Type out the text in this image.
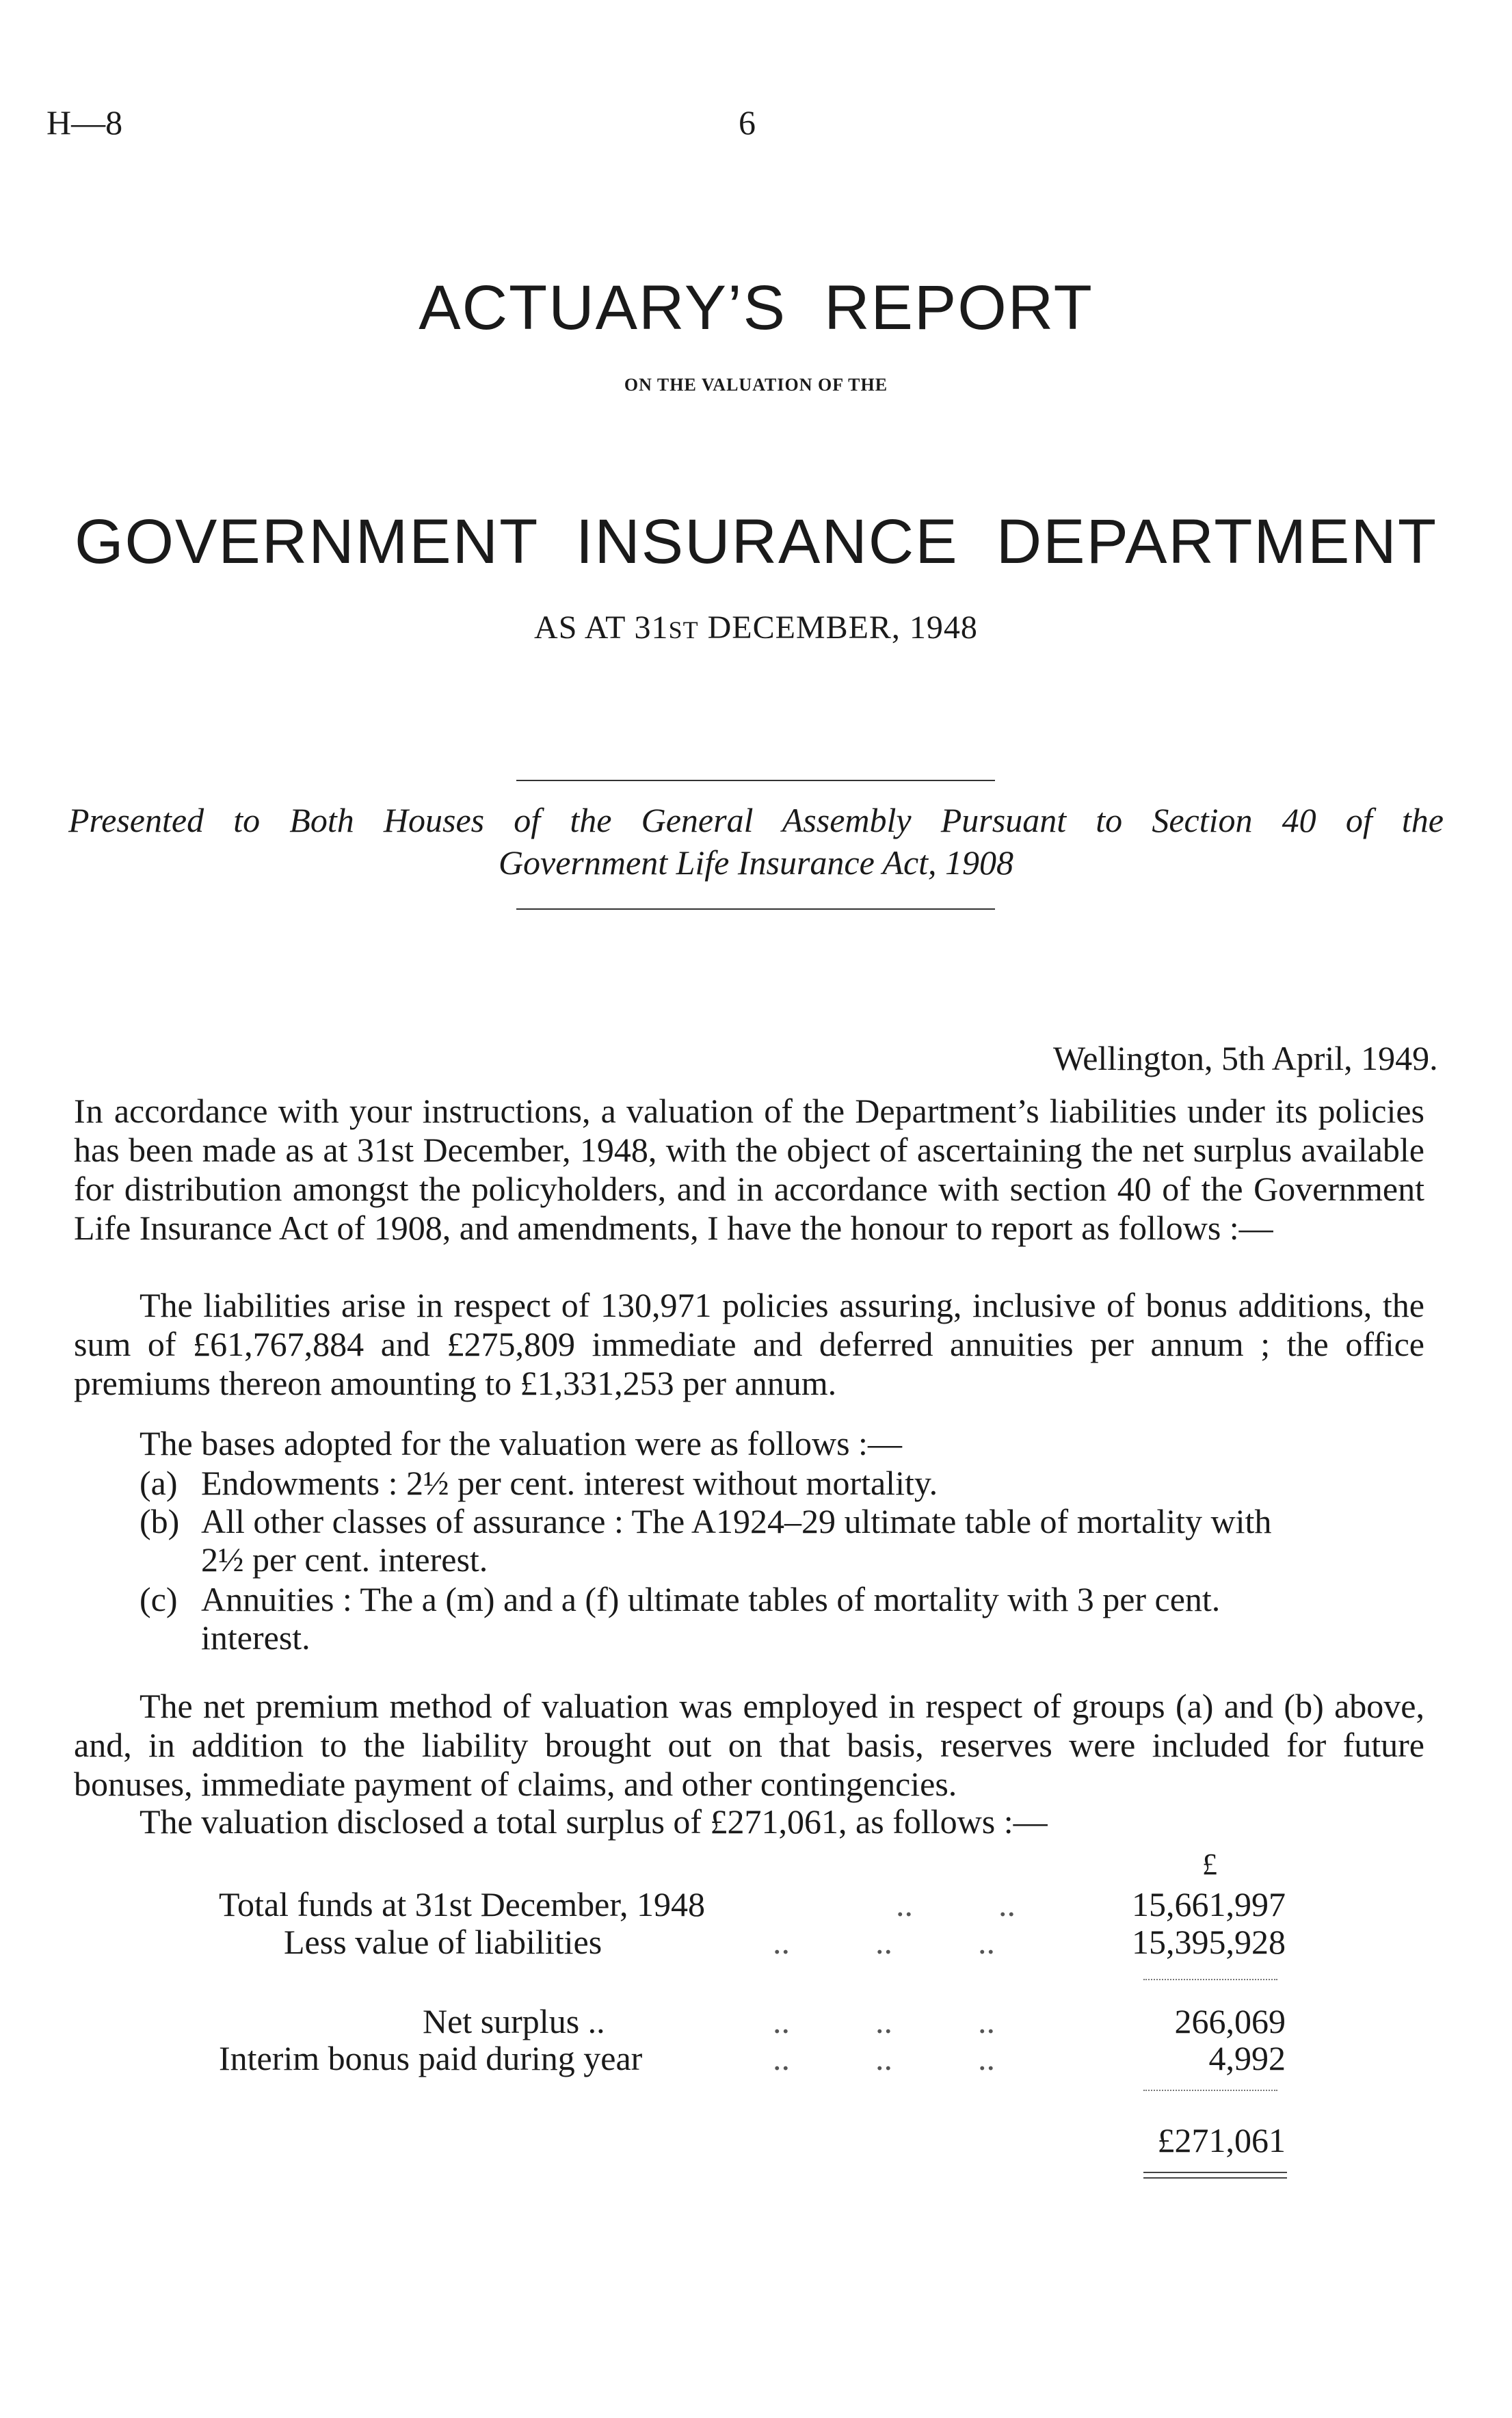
H—8	6
ACTUARY’S  REPORT
ON THE VALUATION OF THE
GOVERNMENT  INSURANCE  DEPARTMENT
AS AT 31ST DECEMBER, 1948
Presented to Both Houses of the General Assembly Pursuant to Section 40 of the
Government Life Insurance Act, 1908
Wellington, 5th April, 1949.
In accordance with your instructions, a valuation of the Department’s liabilities under its policies has been made as at 31st December, 1948, with the object of ascertaining the net surplus available for distribution amongst the policyholders, and in accordance with section 40 of the Government Life Insurance Act of 1908, and amendments, I have the honour to report as follows :—
The liabilities arise in respect of 130,971 policies assuring, inclusive of bonus additions, the sum of £61,767,884 and £275,809 immediate and deferred annuities per annum ; the office premiums thereon amounting to £1,331,253 per annum.
The bases adopted for the valuation were as follows :—
(a) Endowments : 2½ per cent. interest without mortality.
(b) All other classes of assurance : The A1924–29 ultimate table of mortality with
2½ per cent. interest.
(c) Annuities : The a (m) and a (f) ultimate tables of mortality with 3 per cent.
interest.
The net premium method of valuation was employed in respect of groups (a) and (b) above, and, in addition to the liability brought out on that basis, reserves were included for future bonuses, immediate payment of claims, and other contingencies.
The valuation disclosed a total surplus of £271,061, as follows :—
£
Total funds at 31st December, 1948	..          ..	15,661,997
Less value of liabilities	..          ..          ..	15,395,928
Net surplus ..	..          ..          ..	266,069
Interim bonus paid during year	..          ..          ..	4,992
£271,061
